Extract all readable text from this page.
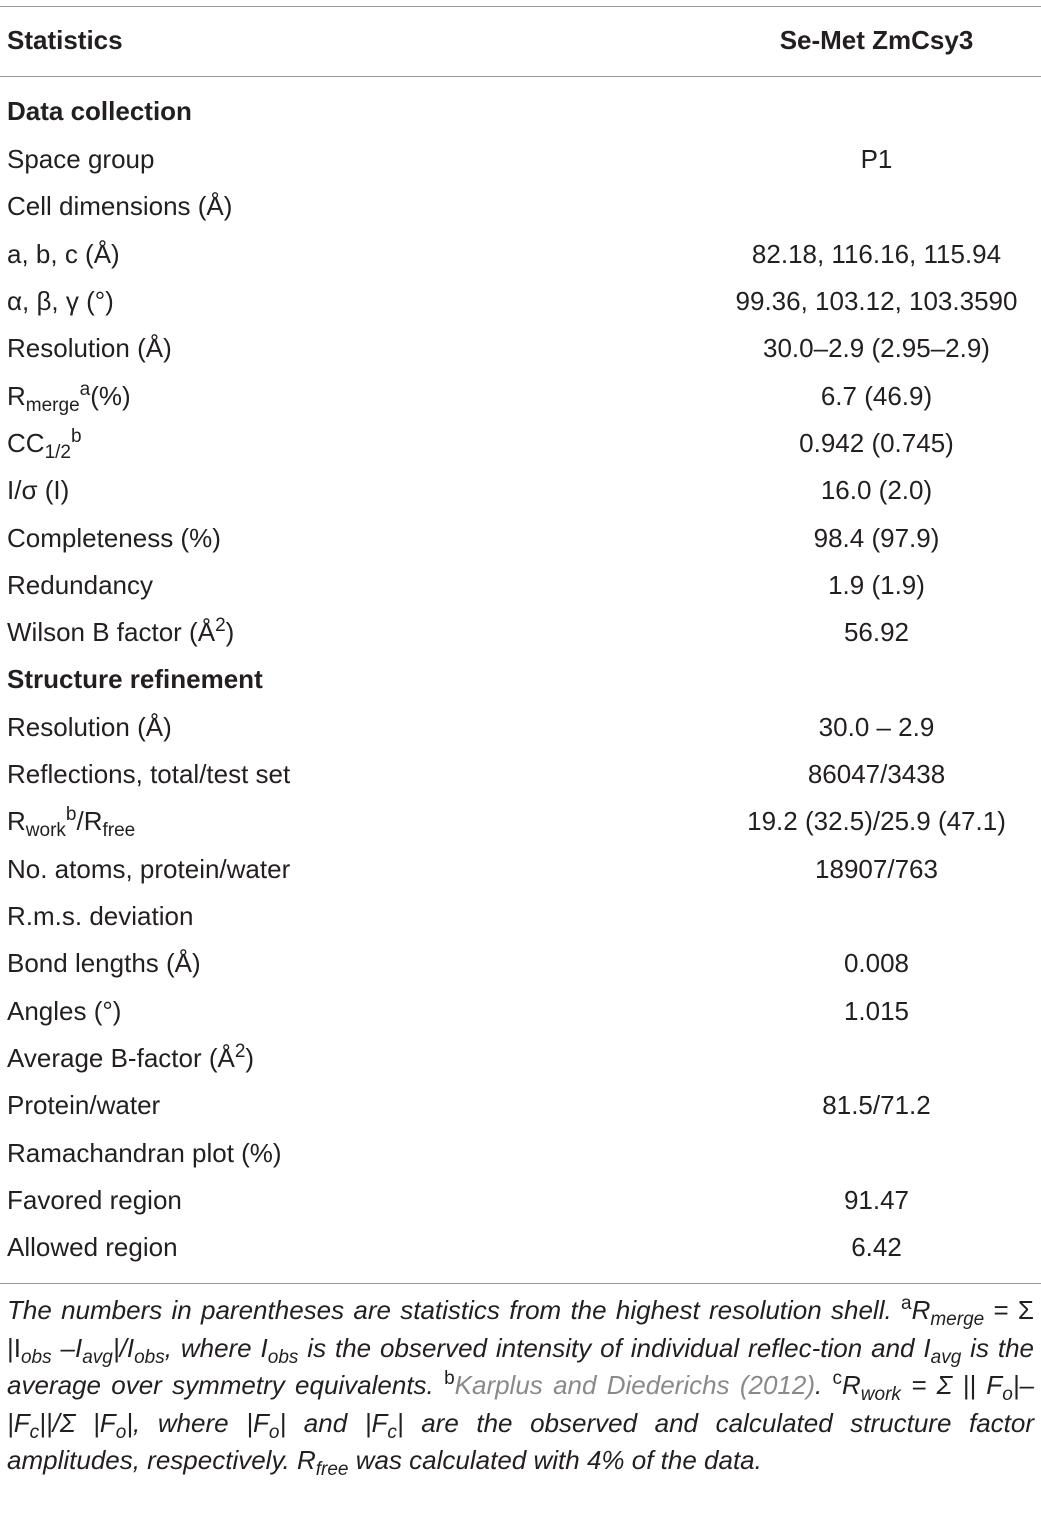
Statistics	Se-Met ZmCsy3
Data collection
Space group	P1
Cell dimensions (Å)
a, b, c (Å)	82.18, 116.16, 115.94
α, β, γ (°)	99.36, 103.12, 103.3590
Resolution (Å)	30.0–2.9 (2.95–2.9)
$R_{merge}^a(\%)$	6.7 (46.9)
$CC_{1/2}^b$	0.942 (0.745)
I/σ (I)	16.0 (2.0)
Completeness (%)	98.4 (97.9)
Redundancy	1.9 (1.9)
Wilson B factor $(Å^2)$	56.92
Structure refinement
Resolution (Å)	30.0 – 2.9
Reflections, total/test set	86047/3438
$R_{work}^b/R_{free}$	19.2 (32.5)/25.9 (47.1)
No. atoms, protein/water	18907/763
R.m.s. deviation
Bond lengths (Å)	0.008
Angles (°)	1.015
Average B-factor $(Å^2)$
Protein/water	81.5/71.2
Ramachandran plot (%)
Favored region	91.47
Allowed region	6.42
The numbers in parentheses are statistics from the highest resolution shell. $^aR_{merge} = \Sigma$ $|I_{obs}$ $-I_{avg}|/I_{obs}$, where $I_{obs}$ is the observed intensity of individual reflec-tion and $I_{avg}$ is the average over symmetry equivalents. $^b$Karplus and Diederichs (2012). $^cR_{work} = \Sigma$ || $F_o|-$ $|F_c||/\Sigma$ $|F_o|$, where $|F_o|$ and $|F_c|$ are the observed and calculated structure factor amplitudes, respectively. $R_{free}$ was calculated with 4% of the data.
